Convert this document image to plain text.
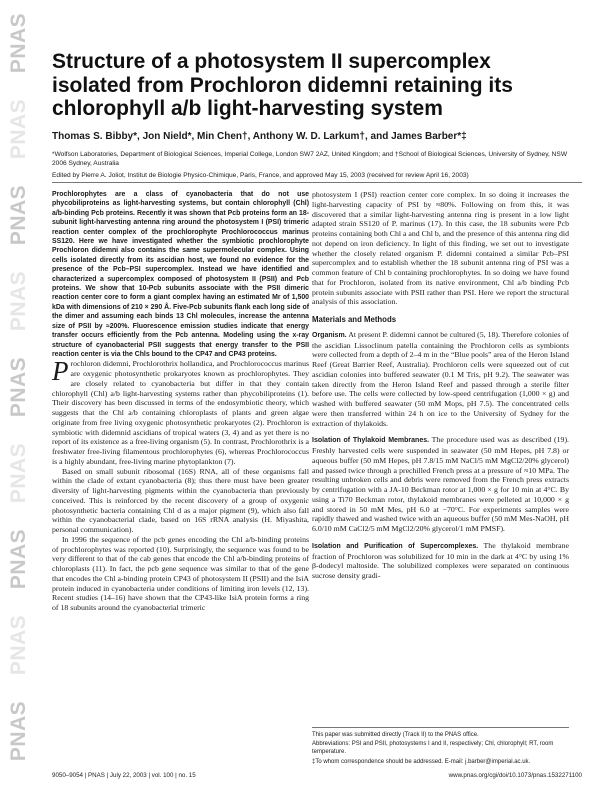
PNAS
PNAS
PNAS
PNAS
PNAS
PNAS
PNAS
PNAS
PNAS
Structure of a photosystem II supercomplex isolated from Prochloron didemni retaining its chlorophyll a/b light-harvesting system
Thomas S. Bibby*, Jon Nield*, Min Chen†, Anthony W. D. Larkum†, and James Barber*‡
*Wolfson Laboratories, Department of Biological Sciences, Imperial College, London SW7 2AZ, United Kingdom; and †School of Biological Sciences, University of Sydney, NSW 2006 Sydney, Australia
Edited by Pierre A. Joliot, Institut de Biologie Physico-Chimique, Paris, France, and approved May 15, 2003 (received for review April 16, 2003)

Prochlorophytes are a class of cyanobacteria that do not use phycobiliproteins as light-harvesting systems, but contain chlorophyll (Chl) a/b-binding Pcb proteins. Recently it was shown that Pcb proteins form an 18-subunit light-harvesting antenna ring around the photosystem I (PSI) trimeric reaction center complex of the prochlorophyte Prochlorococcus marinus SS120. Here we have investigated whether the symbiotic prochlorophyte Prochloron didemni also contains the same supermolecular complex. Using cells isolated directly from its ascidian host, we found no evidence for the presence of the Pcb–PSI supercomplex. Instead we have identified and characterized a supercomplex composed of photosystem II (PSII) and Pcb proteins. We show that 10-Pcb subunits associate with the PSII dimeric reaction center core to form a giant complex having an estimated Mr of 1,500 kDa with dimensions of 210 × 290 Å. Five-Pcb subunits flank each long side of the dimer and assuming each binds 13 Chl molecules, increase the antenna size of PSII by ≈200%. Fluorescence emission studies indicate that energy transfer occurs efficiently from the Pcb antenna. Modeling using the x-ray structure of cyanobacterial PSII suggests that energy transfer to the PSII reaction center is via the Chls bound to the CP47 and CP43 proteins.

Prochloron didemni, Prochlorothrix hollandica, and Prochlorococcus marinus are oxygenic photosynthetic prokaryotes known as prochlorophytes. They are closely related to cyanobacteria but differ in that they contain chlorophyll (Chl) a/b light-harvesting systems rather than phycobiliproteins (1). Their discovery has been discussed in terms of the endosymbiotic theory, which suggests that the Chl a/b containing chloroplasts of plants and green algae originate from free living oxygenic photosynthetic prokaryotes (2). Prochloron is symbiotic with didemnid ascidians of tropical waters (3, 4) and as yet there is no report of its existence as a free-living organism (5). In contrast, Prochlorothrix is a freshwater free-living filamentous prochlorophytes (6), whereas Prochlorococcus is a highly abundant, free-living marine phytoplankton (7).

Based on small subunit ribosomal (16S) RNA, all of these organisms fall within the clade of extant cyanobacteria (8); thus there must have been greater diversity of light-harvesting pigments within the cyanobacteria than previously conceived. This is reinforced by the recent discovery of a group of oxygenic photosynthetic bacteria containing Chl d as a major pigment (9), which also fall within the cyanobacterial clade, based on 16S rRNA analysis (H. Miyashita, personal communication).

In 1996 the sequence of the pcb genes encoding the Chl a/b-binding proteins of prochlorophytes was reported (10). Surprisingly, the sequence was found to be very different to that of the cab genes that encode the Chl a/b-binding proteins of chloroplasts (11). In fact, the pcb gene sequence was similar to that of the gene that encodes the Chl a-binding protein CP43 of photosystem II (PSII) and the IsiA protein induced in cyanobacteria under conditions of limiting iron levels (12, 13). Recent studies (14–16) have shown that the CP43-like IsiA protein forms a ring of 18 subunits around the cyanobacterial trimeric

photosystem I (PSI) reaction center core complex. In so doing it increases the light-harvesting capacity of PSI by ≈80%. Following on from this, it was discovered that a similar light-harvesting antenna ring is present in a low light adapted strain SS120 of P. marinus (17). In this case, the 18 subunits were Pcb proteins containing both Chl a and Chl b, and the presence of this antenna ring did not depend on iron deficiency. In light of this finding, we set out to investigate whether the closely related organism P. didemni contained a similar Pcb–PSI supercomplex and to establish whether the 18 subunit antenna ring of PSI was a common feature of Chl b containing prochlorophytes. In so doing we have found that for Prochloron, isolated from its native environment, Chl a/b binding Pcb protein subunits associate with PSII rather than PSI. Here we report the structural analysis of this association.

Materials and Methods

Organism. At present P. didemni cannot be cultured (5, 18). Therefore colonies of the ascidian Lissoclinum patella containing the Prochloron cells as symbionts were collected from a depth of 2–4 m in the “Blue pools” area of the Heron Island Reef (Great Barrier Reef, Australia). Prochloron cells were squeezed out of cut ascidian colonies into buffered seawater (0.1 M Tris, pH 9.2). The seawater was taken directly from the Heron Island Reef and passed through a sterile filter before use. The cells were collected by low-speed centrifugation (1,000 × g) and washed with buffered seawater (50 mM Mops, pH 7.5). The concentrated cells were then transferred within 24 h on ice to the University of Sydney for the extraction of thylakoids.

Isolation of Thylakoid Membranes. The procedure used was as described (19). Freshly harvested cells were suspended in seawater (50 mM Hepes, pH 7.8) or aqueous buffer (50 mM Hepes, pH 7.8/15 mM NaCl/5 mM MgCl2/20% glycerol) and passed twice through a prechilled French press at a pressure of ≈10 MPa. The resulting unbroken cells and debris were removed from the French press extracts by centrifugation with a JA-10 Beckman rotor at 1,000 × g for 10 min at 4°C. By using a Ti70 Beckman rotor, thylakoid membranes were pelleted at 10,000 × g and stored in 50 mM Mes, pH 6.0 at −70°C. For experiments samples were rapidly thawed and washed twice with an aqueous buffer (50 mM Mes-NaOH, pH 6.0/10 mM CaCl2/5 mM MgCl2/20% glycerol/1 mM PMSF).

Isolation and Purification of Supercomplexes. The thylakoid membrane fraction of Prochloron was solubilized for 10 min in the dark at 4°C by using 1% β-dodecyl maltoside. The solubilized complexes were separated on continuous sucrose density gradi-

This paper was submitted directly (Track II) to the PNAS office.

Abbreviations: PSI and PSII, photosystems I and II, respectively; Chl, chlorophyll; RT, room temperature.

‡To whom correspondence should be addressed. E-mail: j.barber@imperial.ac.uk.

9050–9054 | PNAS | July 22, 2003 | vol. 100 | no. 15	www.pnas.org/cgi/doi/10.1073/pnas.1532271100
